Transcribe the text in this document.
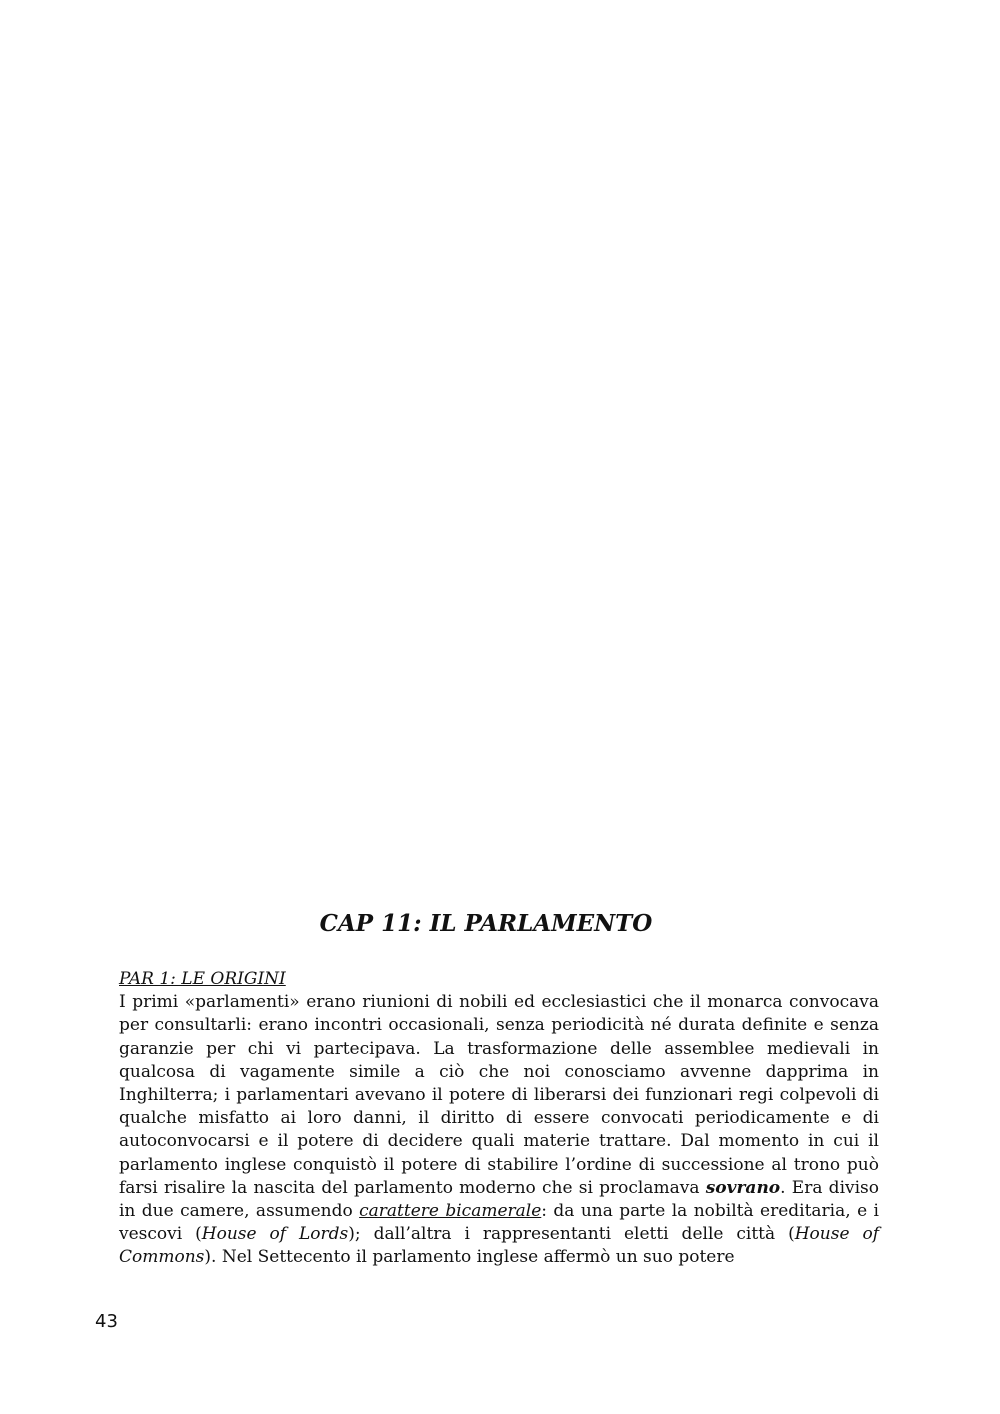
CAP 11: IL PARLAMENTO
PAR 1: LE ORIGINI

I primi «parlamenti» erano riunioni di nobili ed ecclesiastici che il monarca convocava per consultarli: erano incontri occasionali, senza periodicità né durata definite e senza garanzie per chi vi partecipava. La trasformazione delle assemblee medievali in qualcosa di vagamente simile a ciò che noi conosciamo avvenne dapprima in Inghilterra; i parlamentari avevano il potere di liberarsi dei funzionari regi colpevoli di qualche misfatto ai loro danni, il diritto di essere convocati periodicamente e di autoconvocarsi e il potere di decidere quali materie trattare. Dal momento in cui il parlamento inglese conquistò il potere di stabilire l’ordine di successione al trono può farsi risalire la nascita del parlamento moderno che si proclamava sovrano. Era diviso in due camere, assumendo carattere bicamerale: da una parte la nobiltà ereditaria, e i vescovi (House of Lords); dall’altra i rappresentanti eletti delle città (House of Commons). Nel Settecento il parlamento inglese affermò un suo potere

43
